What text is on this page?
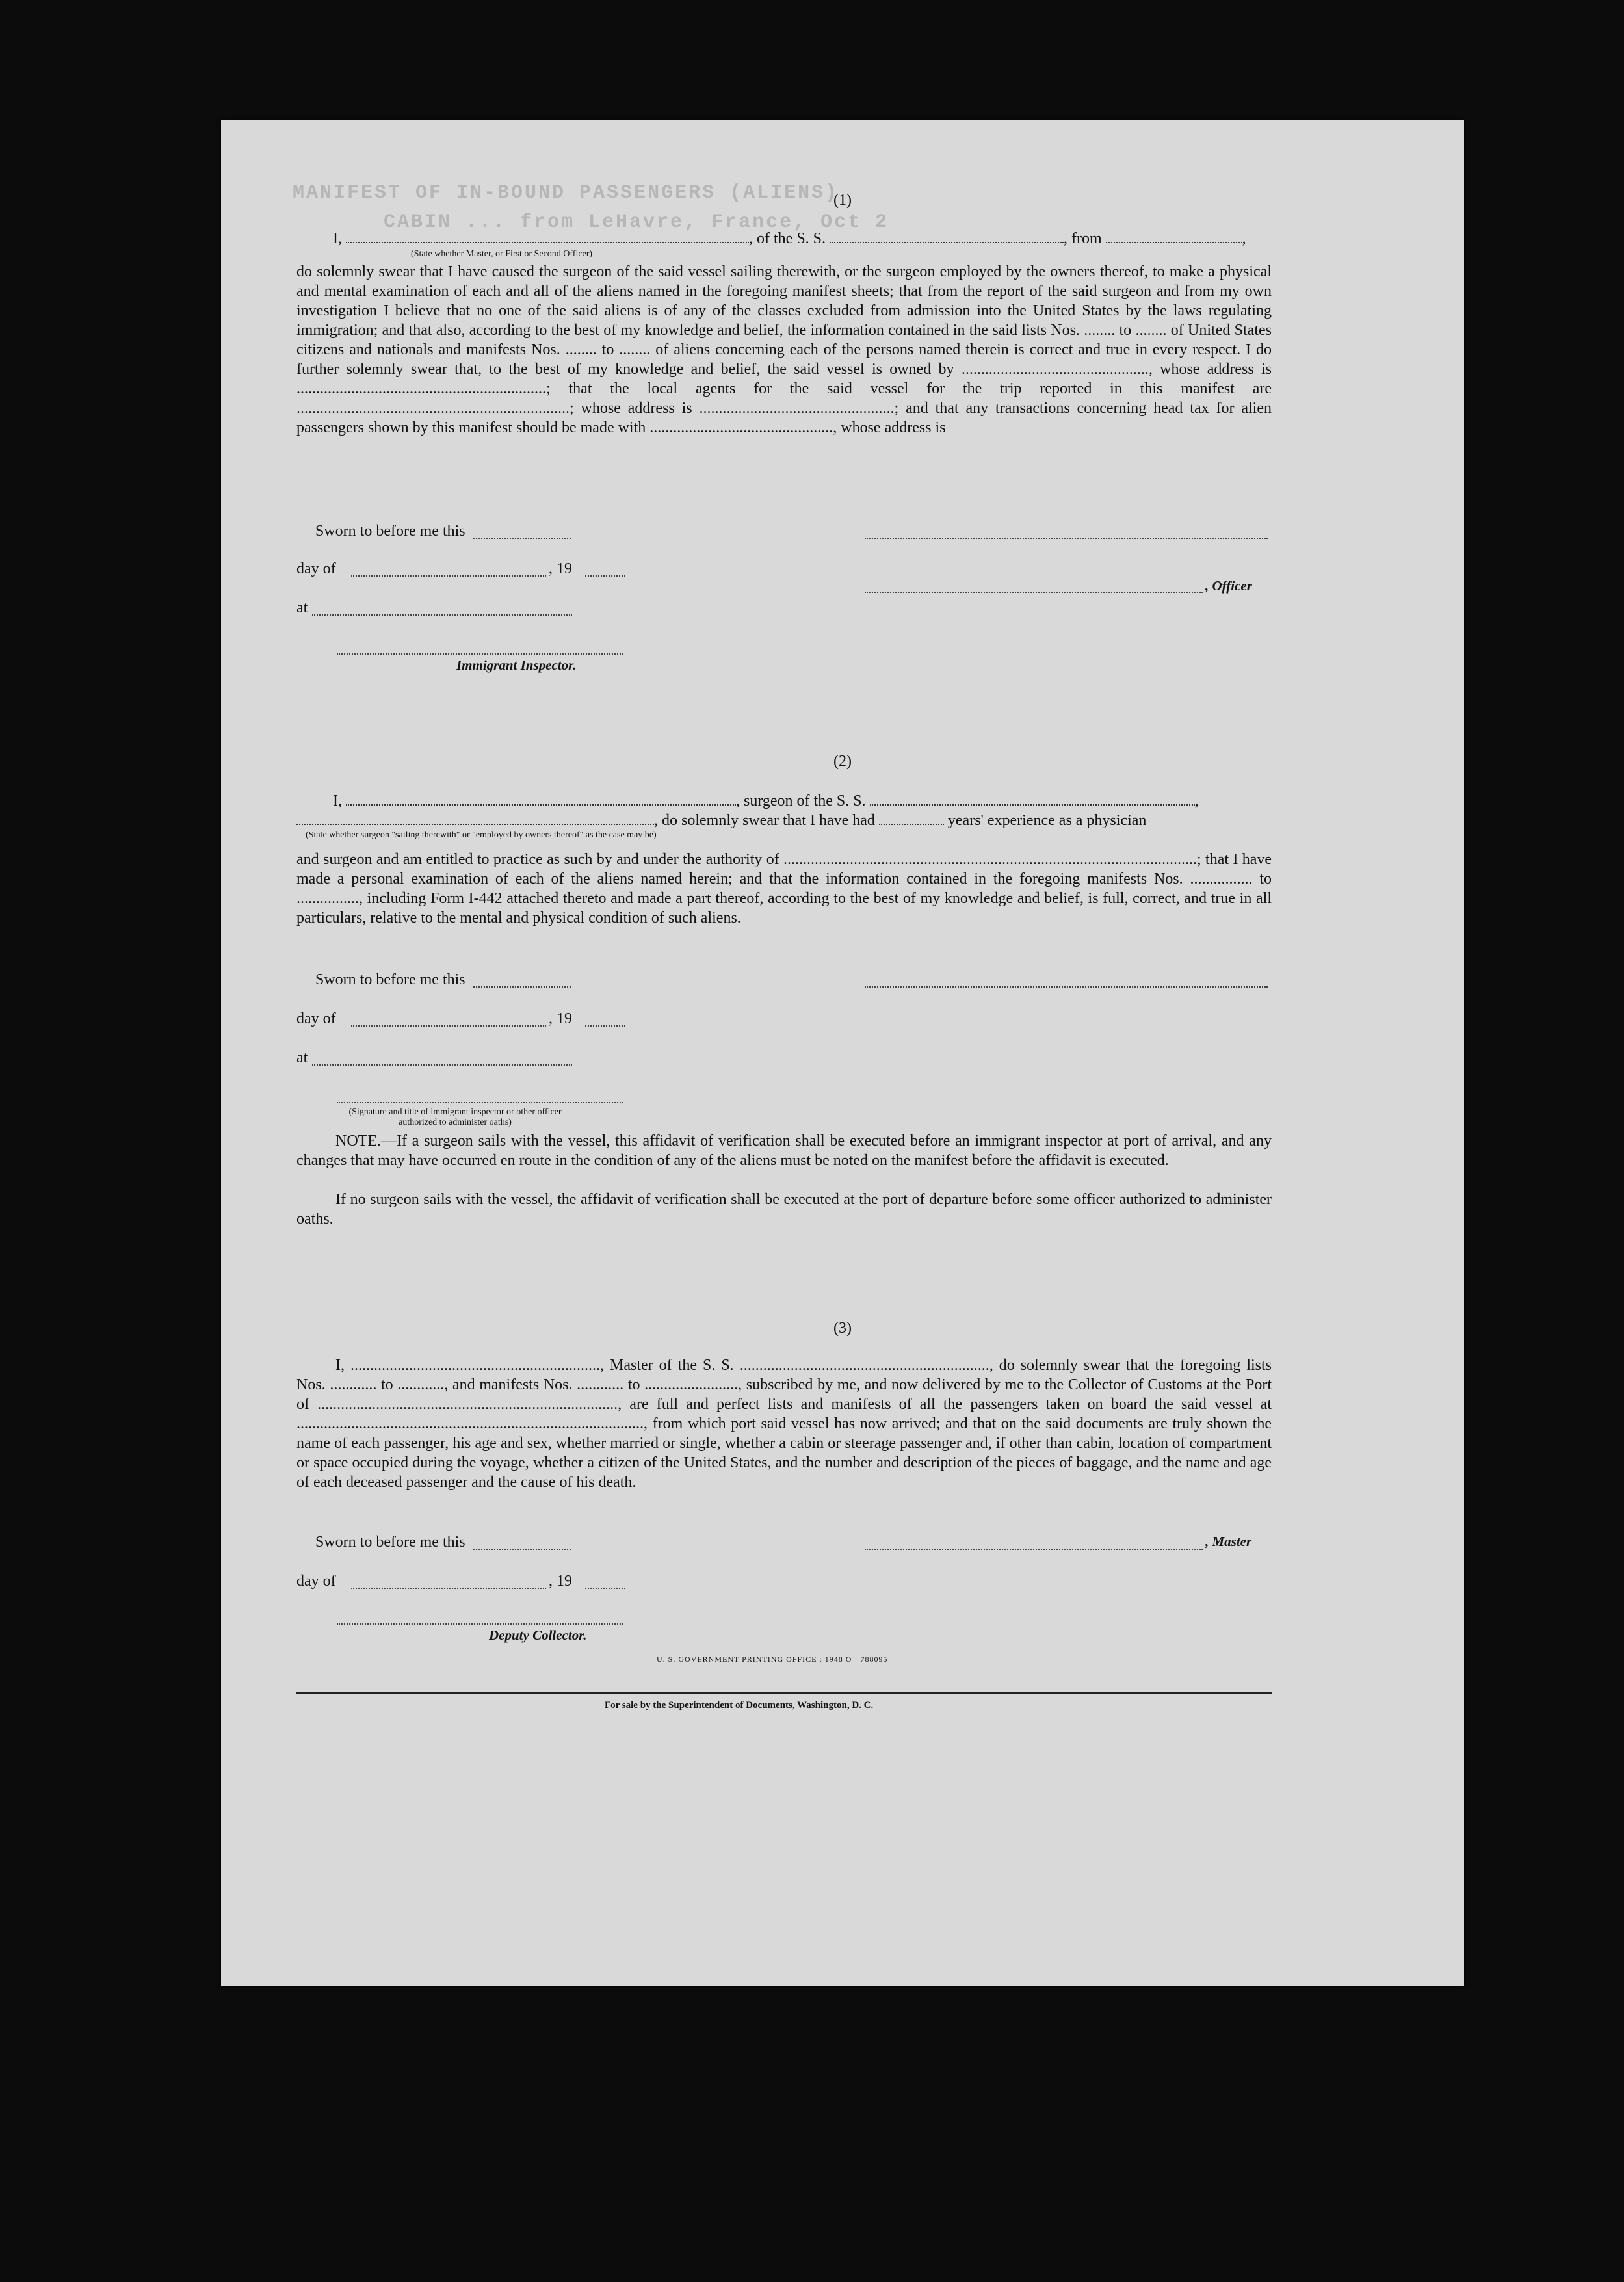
MANIFEST OF IN-BOUND PASSENGERS (ALIENS)
CABIN ... from LeHavre, France, Oct 2
(1)
I,	, of the S. S.	, from	,
(State whether Master, or First or Second Officer)
do solemnly swear that I have caused the surgeon of the said vessel sailing therewith, or the surgeon employed by the owners thereof, to make a physical and mental examination of each and all of the aliens named in the foregoing manifest sheets; that from the report of the said surgeon and from my own investigation I believe that no one of the said aliens is of any of the classes excluded from admission into the United States by the laws regulating immigration; and that also, according to the best of my knowledge and belief, the information contained in the said lists Nos. ........ to ........ of United States citizens and nationals and manifests Nos. ........ to ........ of aliens concerning each of the persons named therein is correct and true in every respect. I do further solemnly swear that, to the best of my knowledge and belief, the said vessel is owned by ................................................, whose address is ................................................................; that the local agents for the said vessel for the trip reported in this manifest are ......................................................................; whose address is ..................................................; and that any transactions concerning head tax for alien passengers shown by this manifest should be made with ..............................................., whose address is
Sworn to before me this
day of	, 19
at
, Officer
Immigrant Inspector.
(2)
I,	, surgeon of the S. S.	,
, do solemnly swear that I have had	years' experience as a physician
(State whether surgeon "sailing therewith" or "employed by owners thereof" as the case may be)
and surgeon and am entitled to practice as such by and under the authority of ..........................................................................................................; that I have made a personal examination of each of the aliens named herein; and that the information contained in the foregoing manifests Nos. ................ to ................, including Form I-442 attached thereto and made a part thereof, according to the best of my knowledge and belief, is full, correct, and true in all particulars, relative to the mental and physical condition of such aliens.
Sworn to before me this
day of	, 19
at
(Signature and title of immigrant inspector or other officer authorized to administer oaths)
NOTE.—If a surgeon sails with the vessel, this affidavit of verification shall be executed before an immigrant inspector at port of arrival, and any changes that may have occurred en route in the condition of any of the aliens must be noted on the manifest before the affidavit is executed.
If no surgeon sails with the vessel, the affidavit of verification shall be executed at the port of departure before some officer authorized to administer oaths.
(3)
I, ................................................................, Master of the S. S. ................................................................, do solemnly swear that the foregoing lists Nos. ............ to ............, and manifests Nos. ............ to ........................, subscribed by me, and now delivered by me to the Collector of Customs at the Port of ............................................................................., are full and perfect lists and manifests of all the passengers taken on board the said vessel at ........................................................................................., from which port said vessel has now arrived; and that on the said documents are truly shown the name of each passenger, his age and sex, whether married or single, whether a cabin or steerage passenger and, if other than cabin, location of compartment or space occupied during the voyage, whether a citizen of the United States, and the number and description of the pieces of baggage, and the name and age of each deceased passenger and the cause of his death.
Sworn to before me this	, Master
day of	, 19
Deputy Collector.
U. S. GOVERNMENT PRINTING OFFICE : 1948 O—788095
For sale by the Superintendent of Documents, Washington, D. C.
